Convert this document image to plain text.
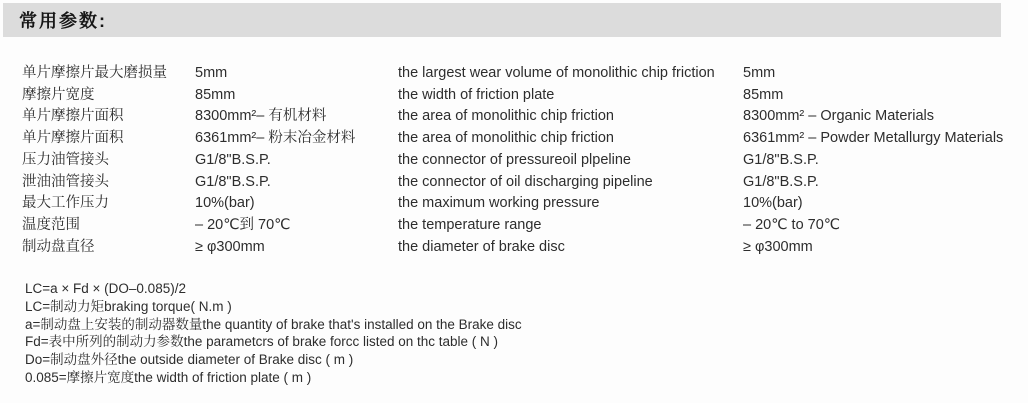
常用参数:
单片摩擦片最大磨损量	5mm	the largest wear volume of monolithic chip friction	5mm
摩擦片宽度	85mm	the width of friction plate	85mm
单片摩擦片面积	8300mm²– 有机材料	the area of monolithic chip friction	8300mm² – Organic Materials
单片摩擦片面积	6361mm²– 粉末冶金材料	the area of monolithic chip friction	6361mm² – Powder Metallurgy Materials
压力油管接头	G1/8"B.S.P.	the connector of pressureoil plpeline	G1/8"B.S.P.
泄油油管接头	G1/8"B.S.P.	the connector of oil discharging pipeline	G1/8"B.S.P.
最大工作压力	10%(bar)	the maximum working pressure	10%(bar)
温度范围	– 20℃到 70℃	the temperature range	– 20℃ to 70℃
制动盘直径	≥ φ300mm	the diameter of brake disc	≥ φ300mm
LC=a × Fd × (DO–0.085)/2
LC=制动力矩braking torque( N.m )
a=制动盘上安装的制动器数量the quantity of brake that's installed on the Brake disc
Fd=表中所列的制动力参数the parametcrs of brake forcc listed on thc table ( N )
Do=制动盘外径the outside diameter of Brake disc ( m )
0.085=摩擦片宽度the width of friction plate ( m )
